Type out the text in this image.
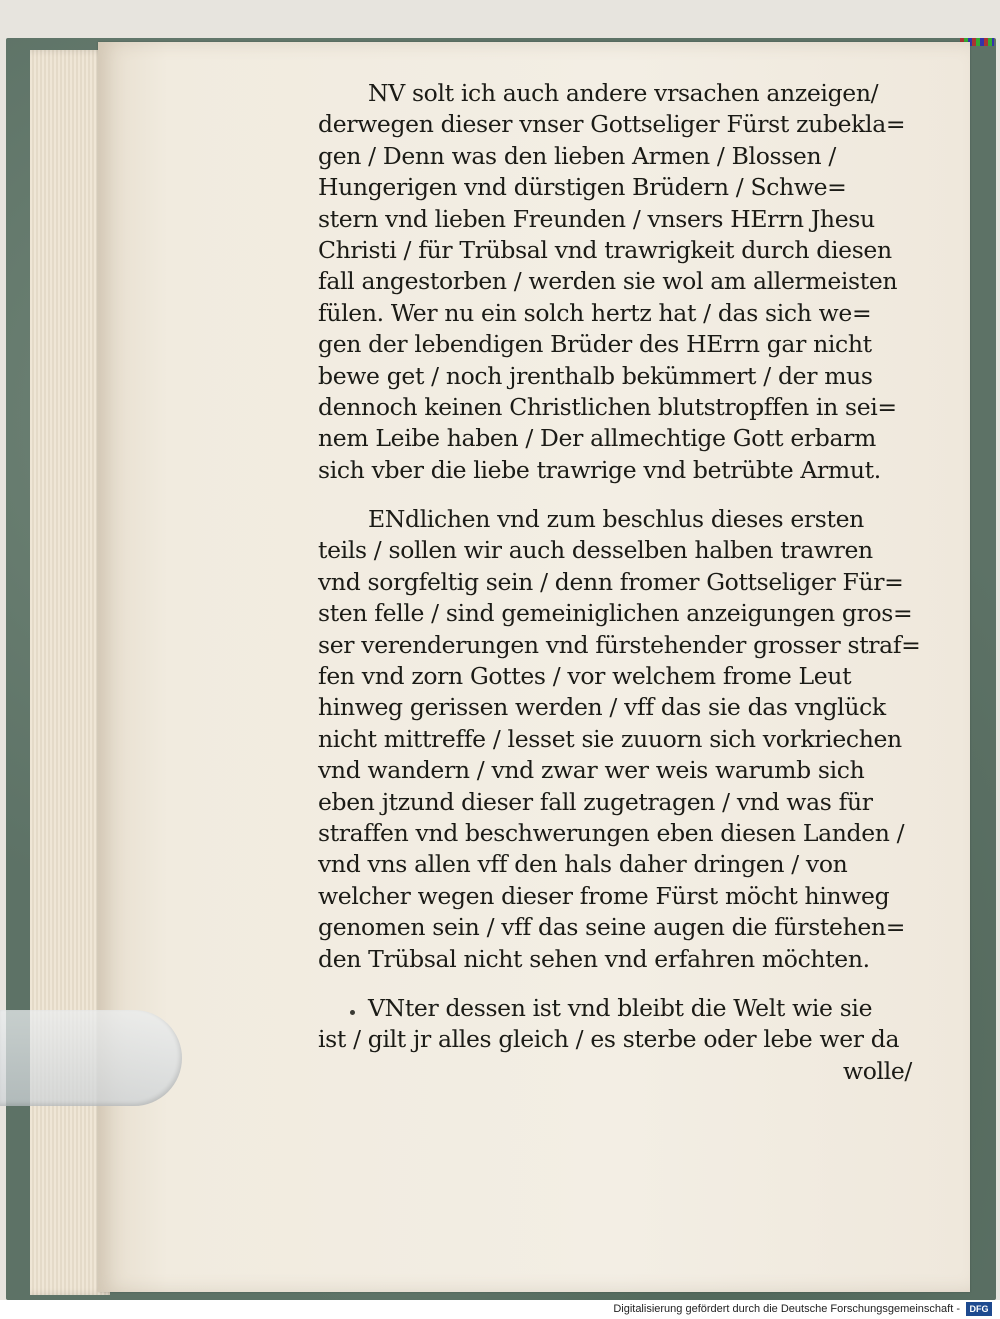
NV solt ich auch andere vrsachen anzeigen/
derwegen dieser vnser Gottseliger Fürst zubekla=
gen / Denn was den lieben Armen / Blossen /
Hungerigen vnd dürstigen Brüdern / Schwe=
stern vnd lieben Freunden / vnsers HErrn Jhesu
Christi / für Trübsal vnd trawrigkeit durch diesen
fall angestorben / werden sie wol am allermeisten
fülen. Wer nu ein solch hertz hat / das sich we=
gen der lebendigen Brüder des HErrn gar nicht
bewe get / noch jrenthalb bekümmert / der mus
dennoch keinen Christlichen blutstropffen in sei=
nem Leibe haben / Der allmechtige Gott erbarm
sich vber die liebe trawrige vnd betrübte Armut.
ENdlichen vnd zum beschlus dieses ersten
teils / sollen wir auch desselben halben trawren
vnd sorgfeltig sein / denn fromer Gottseliger Für=
sten felle / sind gemeiniglichen anzeigungen gros=
ser verenderungen vnd fürstehender grosser straf=
fen vnd zorn Gottes / vor welchem frome Leut
hinweg gerissen werden / vff das sie das vnglück
nicht mittreffe / lesset sie zuuorn sich vorkriechen
vnd wandern / vnd zwar wer weis warumb sich
eben jtzund dieser fall zugetragen / vnd was für
straffen vnd beschwerungen eben diesen Landen /
vnd vns allen vff den hals daher dringen / von
welcher wegen dieser frome Fürst möcht hinweg
genomen sein / vff das seine augen die fürstehen=
den Trübsal nicht sehen vnd erfahren möchten.
VNter dessen ist vnd bleibt die Welt wie sie
ist / gilt jr alles gleich / es sterbe oder lebe wer da
wolle/
Digitalisierung gefördert durch die Deutsche Forschungsgemeinschaft -	DFG
